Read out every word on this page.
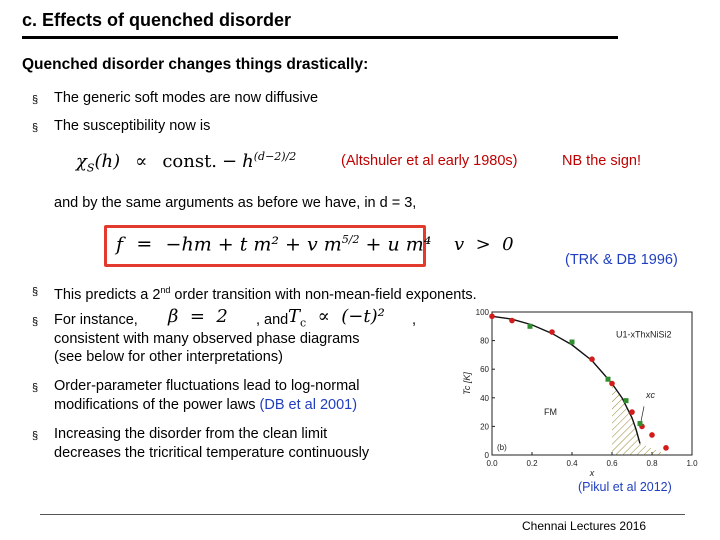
c. Effects of quenched disorder
Quenched disorder changes things drastically:
§ The generic soft modes are now diffusive
§ The susceptibility now is
$\chi_S(h)$ ∝ const. − $h^{(d-2)/2}$	(Altshuler et al early 1980s)	NB the sign!
and by the same arguments as before we have, in d = 3,
f = −hm + t m² + v $m^{5/2} + u$ m⁴ v  >  0
(TRK & DB 1996)
§ This predicts a 2nd order transition with non-mean-field exponents.
§ For instance,	, and	,
consistent with many observed phase diagrams
(see below for other interpretations)
β  =  2	$T_c \propto (-t)^2$
§ Order-parameter fluctuations lead to log-normal
modifications of the power laws (DB et al 2001)
§ Increasing the disorder from the clean limit
decreases the tricritical temperature continuously
0.0	0.2	0.4	0.6	0.8	1.0
0
20
40
60
80
100
Tc [K]
x
U1-xThxNiSi2
FM
xc
(b)
(Pikul et al 2012)
Chennai Lectures 2016
